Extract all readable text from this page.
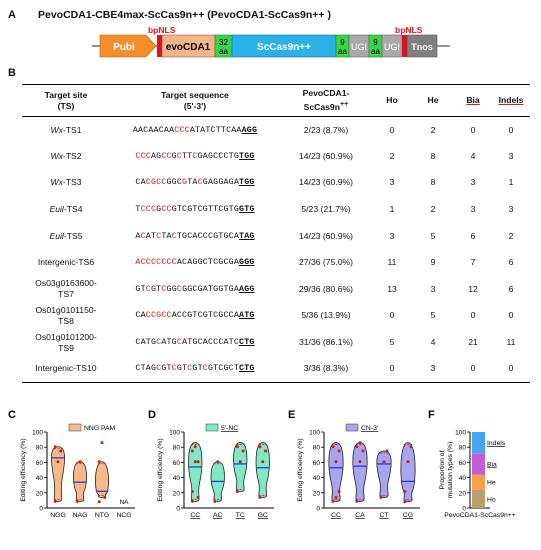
A PevoCDA1-CBE4max-ScCas9n++ (PevoCDA1-ScCas9n++ )
Pubi
bpNLS
evoCDA1 32
aa	ScCas9n++	9
aa UGI 9
aa UGI
bpNLS
Tnos
B
Target site
(TS)	Target sequence
(5'-3')	PevoCDA1-
ScCas9n++	Ho	He	Bia	Indels
Wx-TS1	AACAACAACCCATATCTTCAAAGG	2/23 (8.7%)	0	2	0	0
Wx-TS2	CCCAGCCGCTTCGAGCCCTGTGG	14/23 (60.9%)	2	8	4	3
Wx-TS3	CACGCCGGCGTACGAGGAGATGG	14/23 (60.9%)	3	8	3	1
Euil-TS4	TCCCGCCGTCGTCGTTCGTGGTG	5/23 (21.7%)	1	2	3	3
Euil-TS5	ACATCTACTGCACCCGTGCATAG	14/23 (60.9%)	3	5	6	2
Intergenic-TS6	ACCCCCCCACAGGCTCGCGAGGG	27/36 (75.0%)	11	9	7	6
Os03g0163600-
TS7	GTCGTCGGCGGCGATGGTGAAGG	29/36 (80.6%)	13	3	12	6
Os01g0101150-
TS8	CACCGCCACCGTCGTCGCCAATG	5/36 (13.9%)	0	5	0	0
Os01g0101200-
TS9	CATGCATGCATGCACCCATCCTG	31/36 (86.1%)	5	4	21	11
Intergenic-TS10	CTAGCGTCGTCGTCGTCGCTCTG	3/36 (8.3%)	0	3	0	0
C
0
20
40
60
80
100
Editing efficiency (%)
NNG PAM
NGG NAG NTG NCG
NA
D
0
20
40
60
80
100
Editing efficiency (%)
5'-NC
CC AC TC GC
E
0
20
40
60
80
100
Editing efficiency (%)
CN-3'
CC CA CT CG
F
0
20
40
60
80
100
Proportion ofmutation types (%)
Ho
He
Bia
Indels
PevoCDA1-ScCas9n++
